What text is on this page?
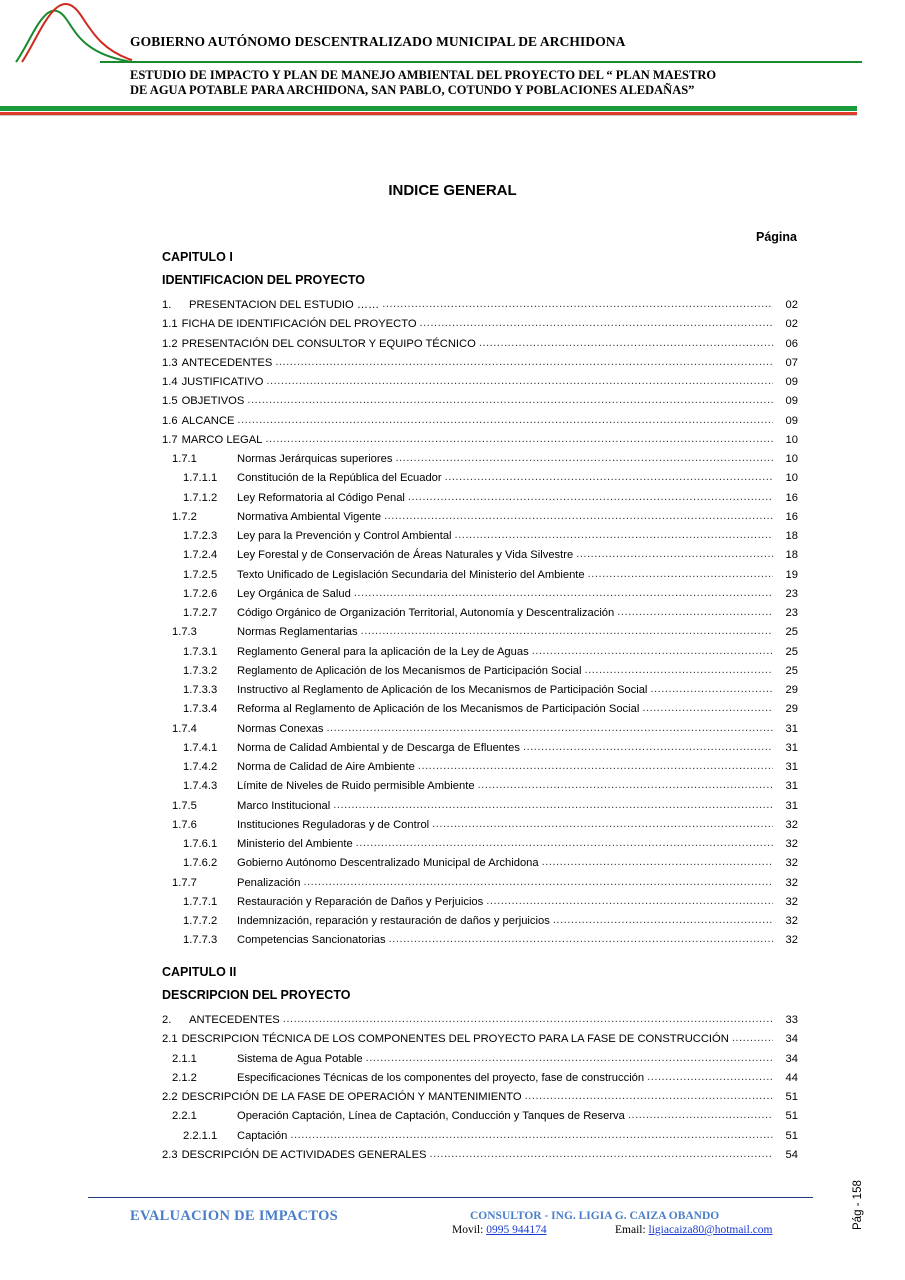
GOBIERNO AUTÓNOMO DESCENTRALIZADO MUNICIPAL DE ARCHIDONA
ESTUDIO DE IMPACTO Y PLAN DE MANEJO AMBIENTAL DEL PROYECTO DEL “ PLAN MAESTRO
DE AGUA POTABLE PARA ARCHIDONA, SAN PABLO, COTUNDO Y POBLACIONES ALEDAÑAS”
INDICE GENERAL
Página
CAPITULO I
IDENTIFICACION DEL PROYECTO
CAPITULO II
DESCRIPCION DEL PROYECTO
1.	PRESENTACION DEL ESTUDIO …… .....	02
1.1 FICHA DE IDENTIFICACIÓN DEL PROYECTO .....	02
1.2 PRESENTACIÓN DEL CONSULTOR Y EQUIPO TÉCNICO .....	06
1.3 ANTECEDENTES .....	07
1.4 JUSTIFICATIVO .....	09
1.5 OBJETIVOS .....	09
1.6 ALCANCE .....	09
1.7 MARCO LEGAL .....	10
1.7.1	Normas Jerárquicas superiores .....	10
1.7.1.1	Constitución de la República del Ecuador .....	10
1.7.1.2	Ley Reformatoria al Código Penal .....	16
1.7.2	Normativa Ambiental Vigente .....	16
1.7.2.3	Ley para la Prevención y Control Ambiental .....	18
1.7.2.4	Ley Forestal y de Conservación de Áreas Naturales y Vida Silvestre .....	18
1.7.2.5	Texto Unificado de Legislación Secundaria del Ministerio del Ambiente .....	19
1.7.2.6	Ley Orgánica de Salud .....	23
1.7.2.7	Código Orgánico de Organización Territorial, Autonomía y Descentralización .....	23
1.7.3	Normas Reglamentarias .....	25
1.7.3.1	Reglamento General para la aplicación de la Ley de Aguas .....	25
1.7.3.2	Reglamento de Aplicación de los Mecanismos de Participación Social .....	25
1.7.3.3	Instructivo al Reglamento de Aplicación de los Mecanismos de Participación Social .....	29
1.7.3.4	Reforma al Reglamento de Aplicación de los Mecanismos de Participación Social .....	29
1.7.4	Normas Conexas .....	31
1.7.4.1	Norma de Calidad Ambiental y de Descarga de Efluentes .....	31
1.7.4.2	Norma de Calidad de Aire Ambiente .....	31
1.7.4.3	Límite de Niveles de Ruido permisible Ambiente .....	31
1.7.5	Marco Institucional .....	31
1.7.6	Instituciones Reguladoras y de Control .....	32
1.7.6.1	Ministerio del Ambiente .....	32
1.7.6.2	Gobierno Autónomo Descentralizado Municipal de Archidona .....	32
1.7.7	Penalización .....	32
1.7.7.1	Restauración y Reparación de Daños y Perjuicios .....	32
1.7.7.2	Indemnización, reparación y restauración de daños y perjuicios .....	32
1.7.7.3	Competencias Sancionatorias .....	32
2.	ANTECEDENTES .....	33
2.1 DESCRIPCION TÉCNICA DE LOS COMPONENTES DEL PROYECTO PARA LA FASE DE CONSTRUCCIÓN .....	34
2.1.1	Sistema de Agua Potable .....	34
2.1.2	Especificaciones Técnicas de los componentes del proyecto, fase de construcción .....	44
2.2 DESCRIPCIÓN DE LA FASE DE OPERACIÓN Y MANTENIMIENTO .....	51
2.2.1	Operación Captación, Línea de Captación, Conducción y Tanques de Reserva .....	51
2.2.1.1	Captación .....	51
2.3 DESCRIPCIÓN DE ACTIVIDADES GENERALES .....	54
EVALUACION DE IMPACTOS	CONSULTOR - ING. LIGIA G. CAIZA OBANDO
Movil: 0995 944174	Email: ligiacaiza80@hotmail.com	Pág - 158
